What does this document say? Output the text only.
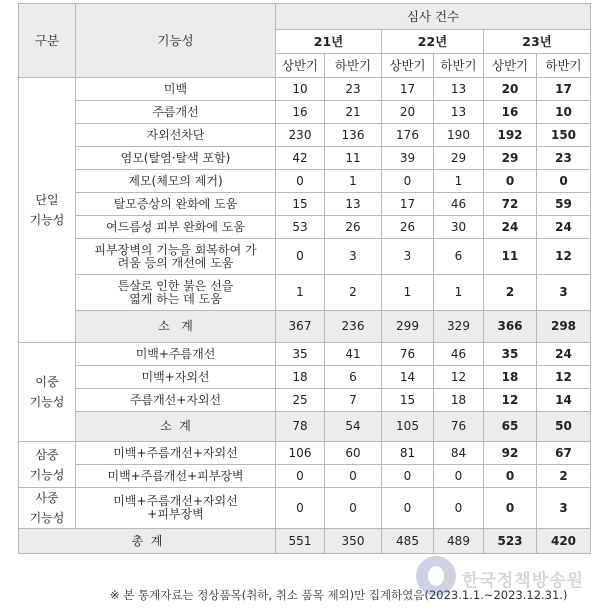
구분	기능성	심사 건수					
		21년		22년		23년	
		상반기	하반기	상반기	하반기	상반기	하반기

단일
기능성	미백	10	23	17	13	20	17

	주름개선	16	21	20	13	16	10

	자외선차단	230	136	176	190	192	150

	염모(탈염·탈색 포함)	42	11	39	29	29	23

	제모(체모의 제거)	0	1	0	1	0	0

	탈모증상의 완화에 도움	15	13	17	46	72	59

	여드름성 피부 완화에 도움	53	26	26	30	24	24

	피부장벽의 기능을 회복하여 가
려움 등의 개선에 도움	0	3	3	6	11	12

	튼살로 인한 붉은 선을
엷게 하는 데 도움	1	2	1	1	2	3
	소   계	367	236	299	329	366	298

이중
기능성	미백+주름개선	35	41	76	46	35	24

	미백+자외선	18	6	14	12	18	12

	주름개선+자외선	25	7	15	18	12	14
	소  계	78	54	105	76	65	50

삼중
기능성	미백+주름개선+자외선	106	60	81	84	92	67

	미백+주름개선+피부장벽	0	0	0	0	0	2

사중
기능성	미백+주름개선+자외선
+피부장벽	0	0	0	0	0	3
총  계		551	350	485	489	523	420
※ 본 통계자료는 정상품목(취하, 취소 품목 제외)만 집계하였음(2023.1.1.~2023.12.31.)
한국정책방송원
